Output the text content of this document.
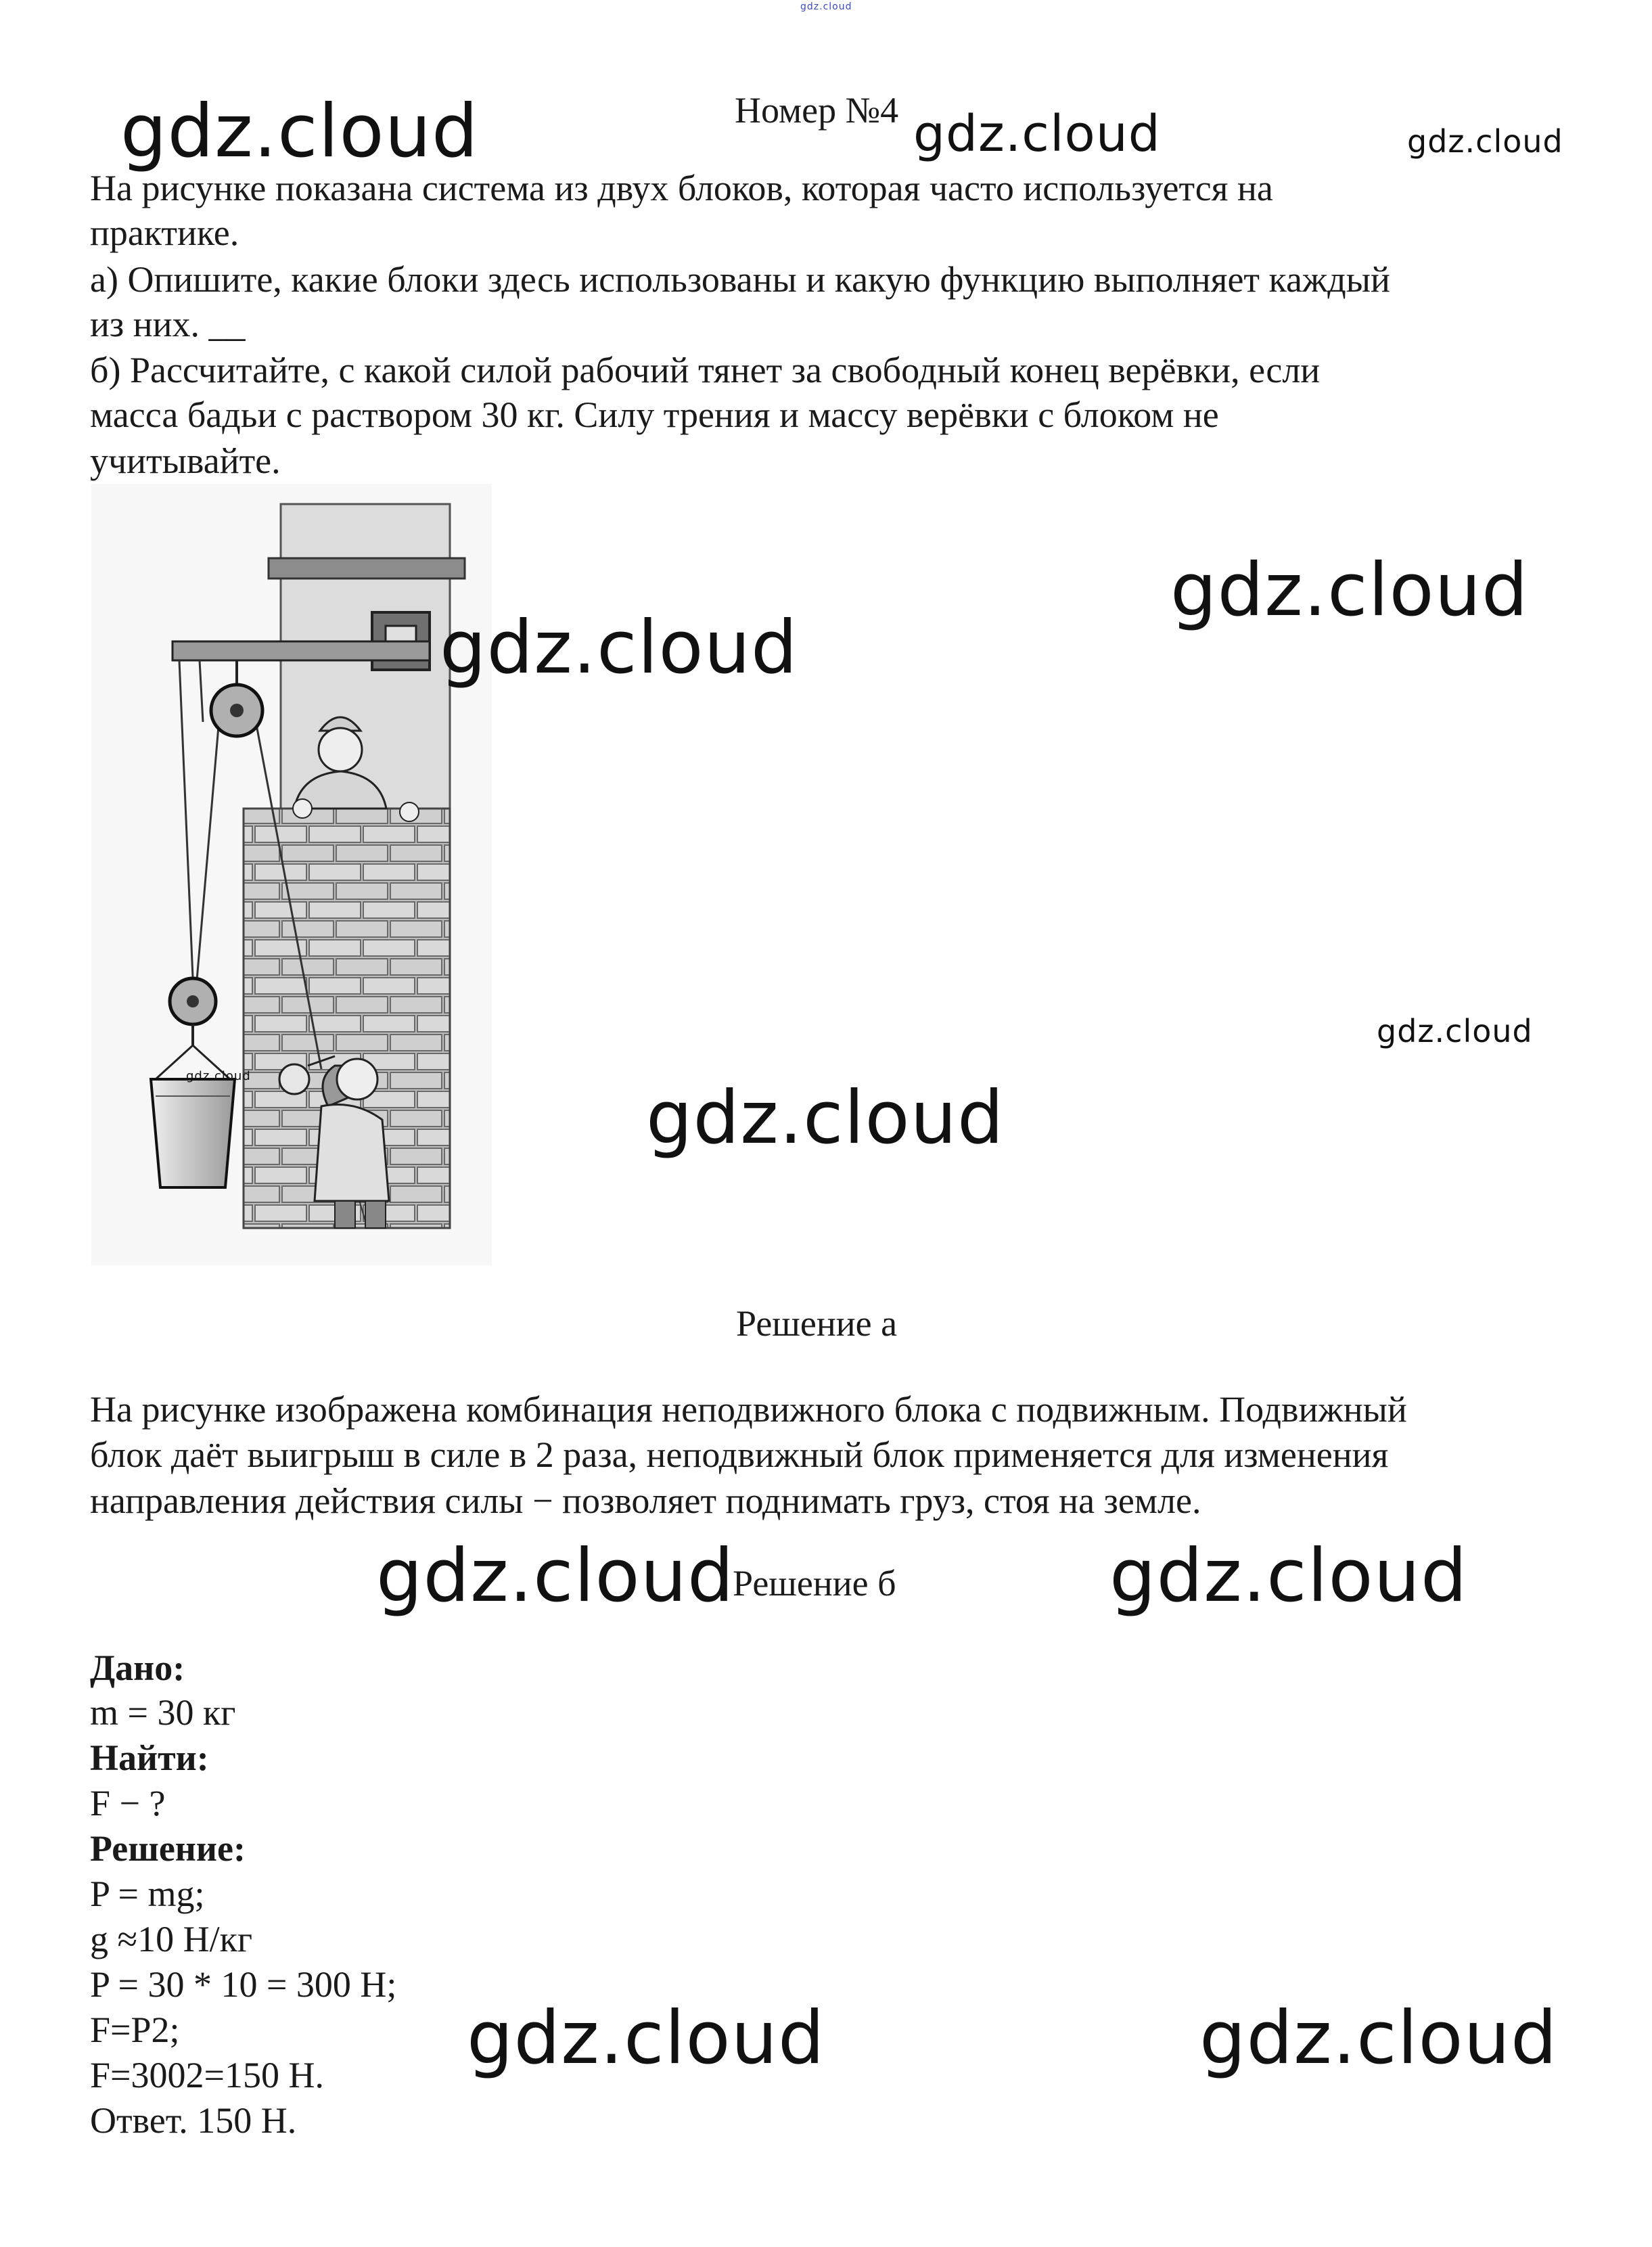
gdz.cloud
gdz.cloud	gdz.cloud	gdz.cloud
Номер №4
На рисунке показана система из двух блоков, которая часто используется на
практике.
а) Опишите, какие блоки здесь использованы и какую функцию выполняет каждый
из них. __
б) Рассчитайте, с какой силой рабочий тянет за свободный конец верёвки, если
масса бадьи с раствором 30 кг. Силу трения и массу верёвки с блоком не
учитывайте.
gdz.cloud
gdz.cloud
gdz.cloud
gdz.cloud
gdz.cloud
Решение а
На рисунке изображена комбинация неподвижного блока с подвижным. Подвижный
блок даёт выигрыш в силе в 2 раза, неподвижный блок применяется для изменения
направления действия силы − позволяет поднимать груз, стоя на земле.
gdz.cloud
Решение б	gdz.cloud
Дано:
m = 30 кг
Найти:
F − ?
Решение:
P = mg;
g ≈10 Н/кг
P = 30 * 10 = 300 Н;
F=P2;
F=3002=150 Н.
Ответ. 150 Н.
gdz.cloud	gdz.cloud
